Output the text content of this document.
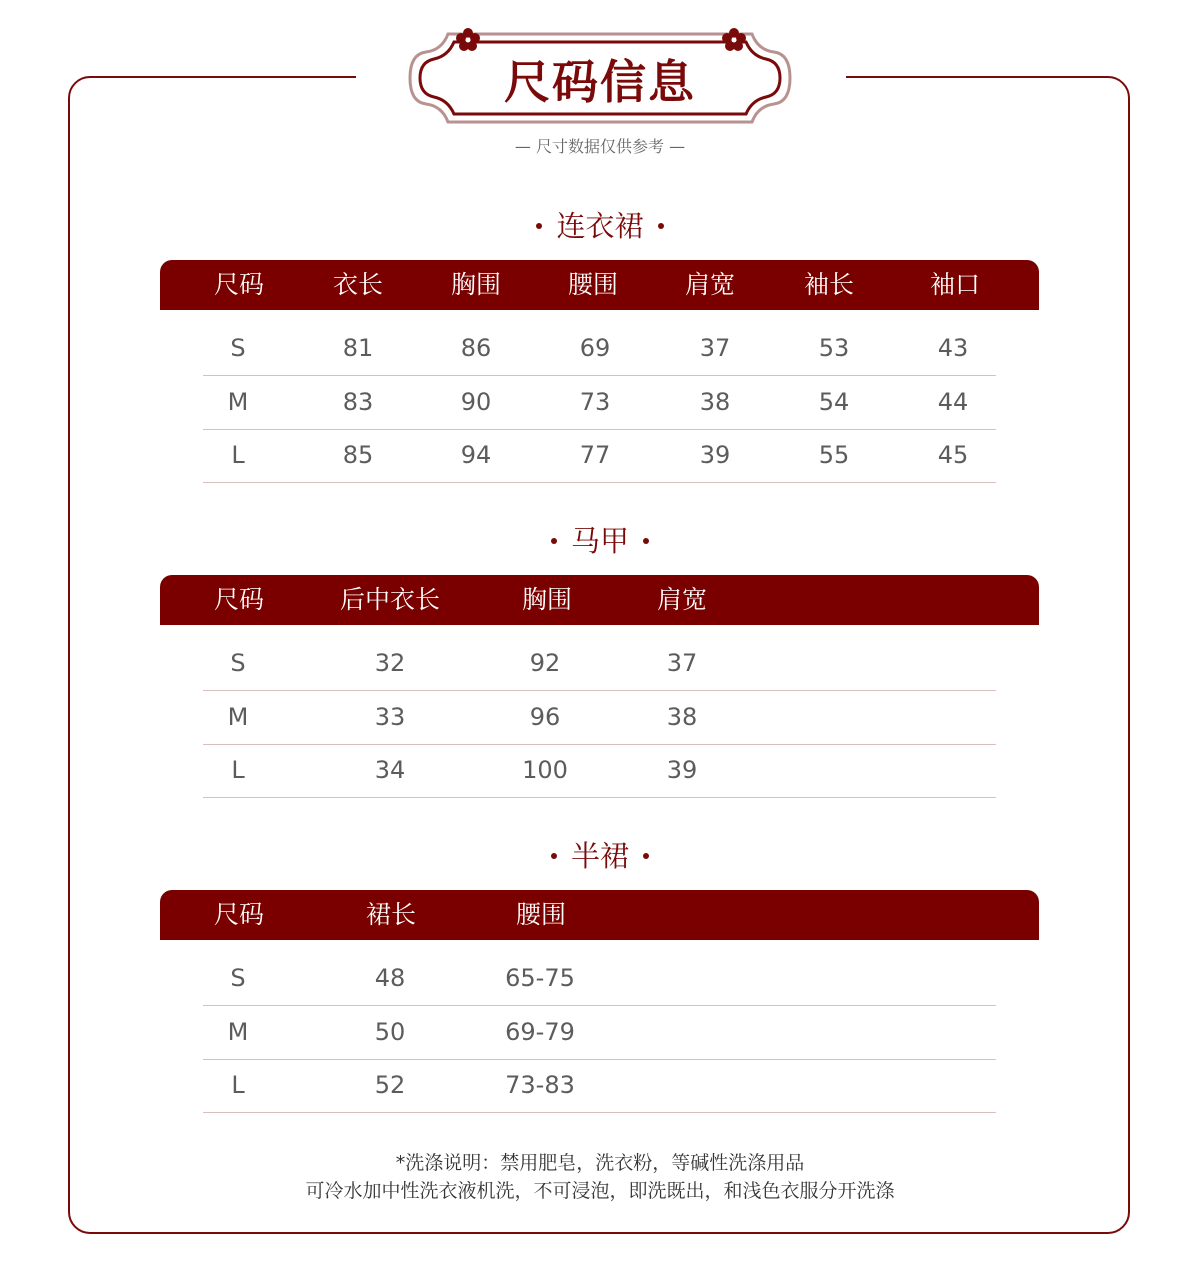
尺码信息
— 尺寸数据仅供参考 —
连衣裙
尺码	衣长	胸围	腰围	肩宽	袖长	袖口
S	81	86	69	37	53	43
M	83	90	73	38	54	44
L	85	94	77	39	55	45
马甲
尺码	后中衣长	胸围	肩宽
S	32	92	37
M	33	96	38
L	34	100	39
半裙
尺码	裙长	腰围
S	48	65-75
M	50	69-79
L	52	73-83
*洗涤说明：禁用肥皂，洗衣粉，等碱性洗涤用品
可冷水加中性洗衣液机洗，不可浸泡，即洗既出，和浅色衣服分开洗涤
